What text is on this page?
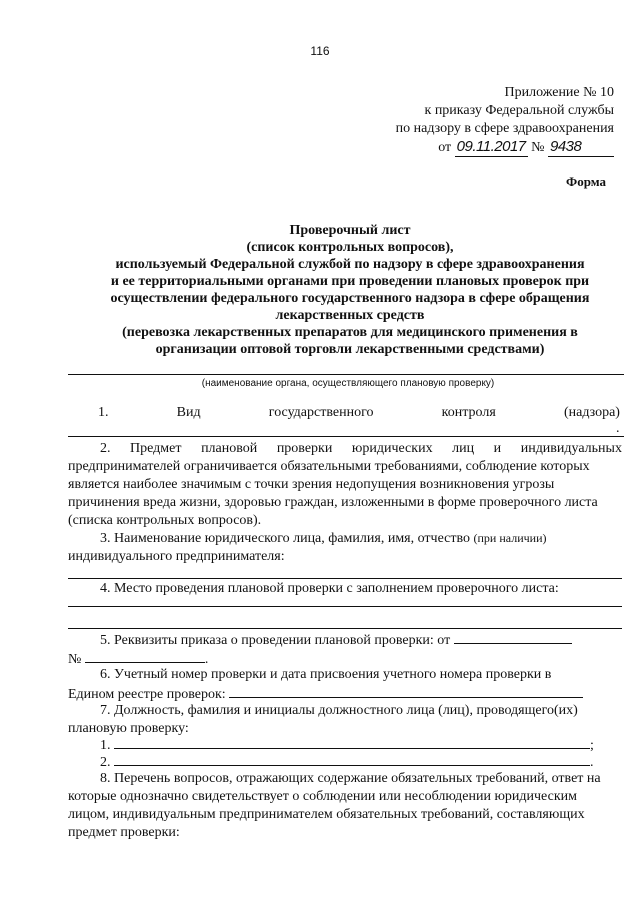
116
Приложение № 10
к приказу Федеральной службы
по надзору в сфере здравоохранения
от 09.11.2017 № 9438
Форма
Проверочный лист
(список контрольных вопросов),
используемый Федеральной службой по надзору в сфере здравоохранения
и ее территориальными органами при проведении плановых проверок при
осуществлении федерального государственного надзора в сфере обращения
лекарственных средств
(перевозка лекарственных препаратов для медицинского применения в
организации оптовой торговли лекарственными средствами)
(наименование органа, осуществляющего плановую проверку)
1.	Вид	государственного	контроля	(надзора)
.
2. Предмет плановой проверки юридических лиц и индивидуальных
предпринимателей ограничивается обязательными требованиями, соблюдение которых
является наиболее значимым с точки зрения недопущения возникновения угрозы
причинения вреда жизни, здоровью граждан, изложенными в форме проверочного листа
(списка контрольных вопросов).
3. Наименование юридического лица, фамилия, имя, отчество (при наличии)
индивидуального предпринимателя:
4. Место проведения плановой проверки с заполнением проверочного листа:
5. Реквизиты приказа о проведении плановой проверки: от
№	.
6. Учетный номер проверки и дата присвоения учетного номера проверки в
Едином реестре проверок:
7. Должность, фамилия и инициалы должностного лица (лиц), проводящего(их)
плановую проверку:
1.	;
2.	.
8. Перечень вопросов, отражающих содержание обязательных требований, ответ на
которые однозначно свидетельствует о соблюдении или несоблюдении юридическим
лицом, индивидуальным предпринимателем обязательных требований, составляющих
предмет проверки:
